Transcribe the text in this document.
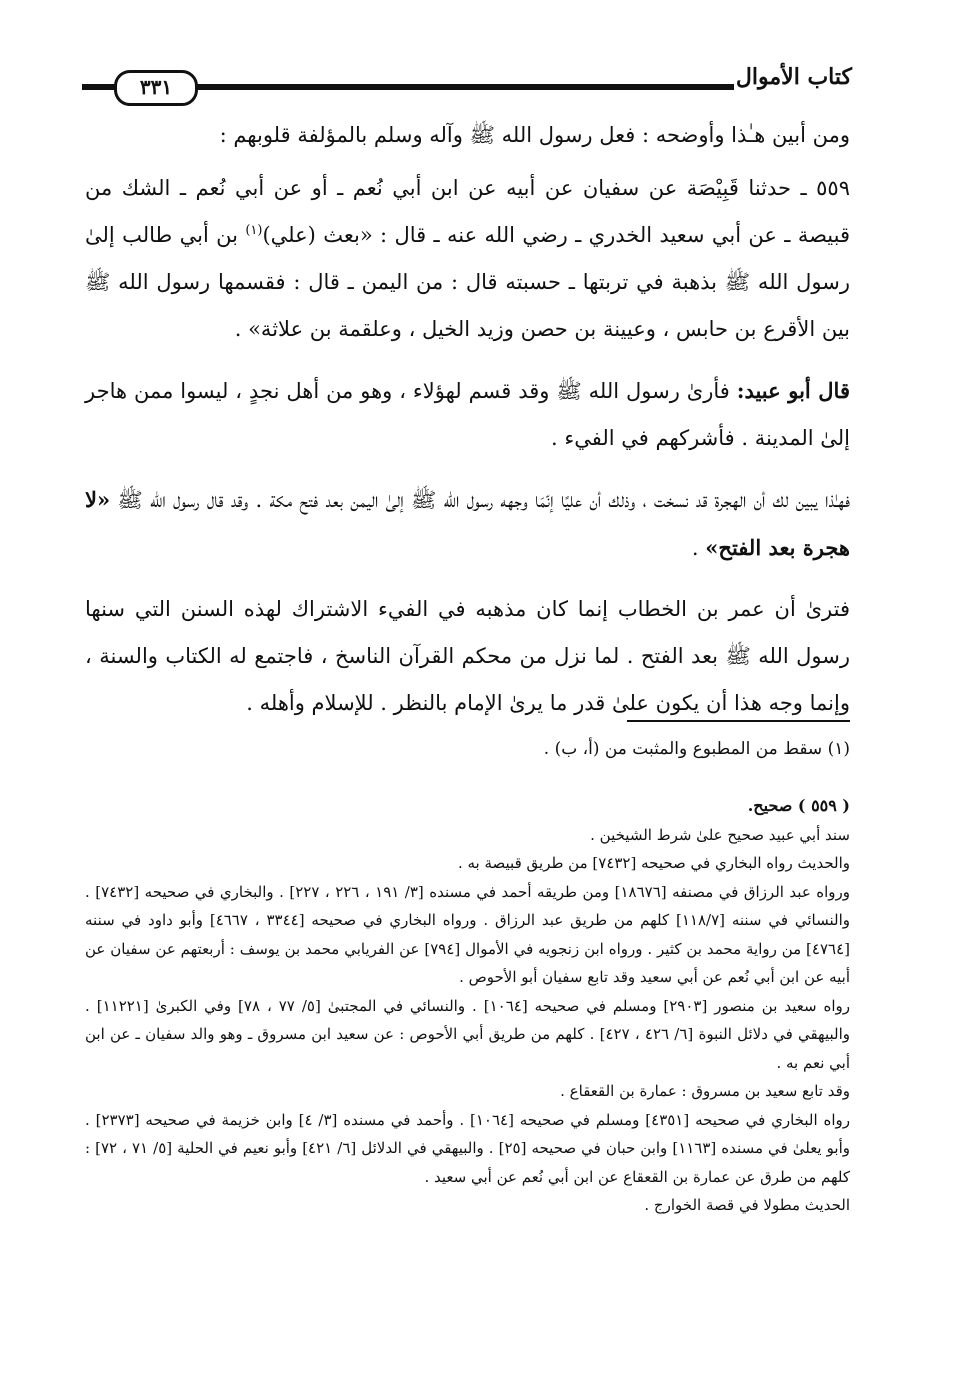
كتاب الأموال
٣٣١

ومن أبين هـٰذا وأوضحه : فعل رسول الله ﷺ وآله وسلم بالمؤلفة قلوبهم :

٥٥٩ ـ حدثنا قَبِيْصَة عن سفيان عن أبيه عن ابن أبي نُعم ـ أو عن أبي نُعم ـ الشك من قبيصة ـ عن أبي سعيد الخدري ـ رضي الله عنه ـ قال : «بعث (علي)$^{(١)}$ بن أبي طالب إلىٰ رسول الله ﷺ بذهبة في تربتها ـ حسبته قال : من اليمن ـ قال : فقسمها رسول الله ﷺ بين الأقرع بن حابس ، وعيينة بن حصن وزيد الخيل ، وعلقمة بن علاثة» .

قال أبو عبيد: فأرىٰ رسول الله ﷺ وقد قسم لهؤلاء ، وهو من أهل نجدٍ ، ليسوا ممن هاجر إلىٰ المدينة . فأشركهم في الفيء .

فهـٰذا يبين لك أن الهجرة قد نسخت ، وذلك أن عليًا إنّمَا وجهه رسول الله ﷺ إلىٰ اليمن بعد فتح مكة . وقد قال رسول الله ﷺ «لا هجرة بعد الفتح» .

فترىٰ أن عمر بن الخطاب إنما كان مذهبه في الفيء الاشتراك لهذه السنن التي سنها رسول الله ﷺ بعد الفتح . لما نزل من محكم القرآن الناسخ ، فاجتمع له الكتاب والسنة ، وإنما وجه هذا أن يكون علىٰ قدر ما يرىٰ الإمام بالنظر . للإسلام وأهله .

(١) سقط من المطبوع والمثبت من (أ، ب) .

( ٥٥٩ ) صحيح.

سند أبي عبيد صحيح علىٰ شرط الشيخين .

والحديث رواه البخاري في صحيحه [٧٤٣٢] من طريق قبيصة به .

ورواه عبد الرزاق في مصنفه [١٨٦٧٦] ومن طريقه أحمد في مسنده [٣/ ١٩١ ، ٢٢٦ ، ٢٢٧] . والبخاري في صحيحه [٧٤٣٢] . والنسائي في سننه [١١٨/٧] كلهم من طريق عبد الرزاق . ورواه البخاري في صحيحه [٣٣٤٤ ، ٤٦٦٧] وأبو داود في سننه [٤٧٦٤] من رواية محمد بن كثير . ورواه ابن زنجويه في الأموال [٧٩٤] عن الفريابي محمد بن يوسف : أربعتهم عن سفيان عن أبيه عن ابن أبي نُعم عن أبي سعيد وقد تابع سفيان أبو الأحوص .

رواه سعيد بن منصور [٢٩٠٣] ومسلم في صحيحه [١٠٦٤] . والنسائي في المجتبىٰ [٥/ ٧٧ ، ٧٨] وفي الكبرىٰ [١١٢٢١] . والبيهقي في دلائل النبوة [٦/ ٤٢٦ ، ٤٢٧] . كلهم من طريق أبي الأحوص : عن سعيد ابن مسروق ـ وهو والد سفيان ـ عن ابن أبي نعم به .

وقد تابع سعيد بن مسروق : عمارة بن القعقاع .

رواه البخاري في صحيحه [٤٣٥١] ومسلم في صحيحه [١٠٦٤] . وأحمد في مسنده [٣/ ٤] وابن خزيمة في صحيحه [٢٣٧٣] . وأبو يعلىٰ في مسنده [١١٦٣] وابن حبان في صحيحه [٢٥] . والبيهقي في الدلائل [٦/ ٤٢١] وأبو نعيم في الحلية [٥/ ٧١ ، ٧٢] : كلهم من طرق عن عمارة بن القعقاع عن ابن أبي نُعم عن أبي سعيد .

الحديث مطولا في قصة الخوارج .
